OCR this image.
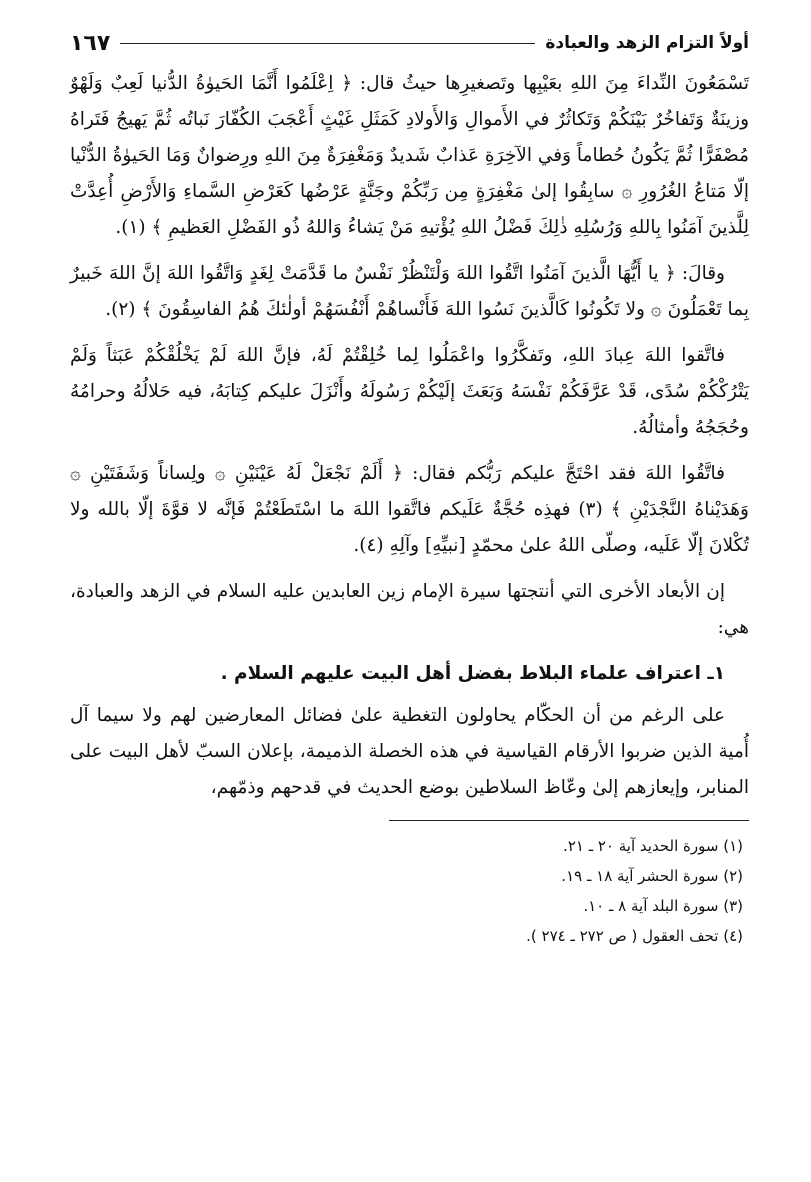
أولاً التزام الزهد والعبادة
١٦٧

تَسْمَعُونَ النِّداءَ مِنَ اللهِ بعَيْبِها وتَصغيرِها حيثُ قال: ﴿ اِعْلَمُوا أَنَّمَا الحَيوٰةُ الدُّنيا لَعِبٌ وَلَهْوٌ وزينَةٌ وَتَفاخُرٌ بَيْنَكُمْ وَتَكاثُرٌ في الأَموالِ وَالأَولادِ كَمَثَلِ غَيْثٍ أَعْجَبَ الكُفّارَ نَباتُه ثُمَّ يَهيجُ فَتَراهُ مُصْفَرًّا ثُمَّ يَكُونُ حُطاماً وَفي الآخِرَةِ عَذابٌ شَديدٌ وَمَغْفِرَةٌ مِنَ اللهِ ورِضوانٌ وَمَا الحَيوٰةُ الدُّنْيا إلّا مَتاعُ الغُرُورِ ۞ سابِقُوا إلىٰ مَغْفِرَةٍ مِن رَبِّكُمْ وجَنَّةٍ عَرْضُها كَعَرْضِ السَّماءِ وَالأَرْضِ أُعِدَّتْ لِلَّذينَ آمَنُوا بِاللهِ وَرُسُلِهِ ذٰلِكَ فَضْلُ اللهِ يُؤْتيهِ مَنْ يَشاءُ وَاللهُ ذُو الفَضْلِ العَظيمِ ﴾ (١).

وقالَ: ﴿ يا أَيُّهَا الَّذينَ آمَنُوا اتَّقُوا اللهَ وَلْتَنْظُرْ نَفْسٌ ما قَدَّمَتْ لِغَدٍ وَاتَّقُوا اللهَ إنَّ اللهَ خَبيرٌ بِما تَعْمَلُونَ ۞ ولا تَكُونُوا كَالَّذينَ نَسُوا اللهَ فَأَنْساهُمْ أَنْفُسَهُمْ أولٰئكَ هُمُ الفاسِقُونَ ﴾ (٢).

فاتَّقوا اللهَ عِبادَ اللهِ، وتَفكَّرُوا واعْمَلُوا لِما خُلِقْتُمْ لَهُ، فإنَّ اللهَ لَمْ يَخْلُقْكُمْ عَبَثاً وَلَمْ يَتْرُكْكُمْ سُدًى، قَدْ عَرَّفَكُمْ نَفْسَهُ وَبَعَثَ إلَيْكُمْ رَسُولَهُ وأَنْزَلَ عليكم كِتابَهُ، فيه حَلالُهُ وحرامُهُ وحُجَجُهُ وأمثالُهُ.

فاتَّقُوا اللهَ فقد احْتَجَّ عليكم رَبُّكم فقال: ﴿ أَلَمْ نَجْعَلْ لَهُ عَيْنَيْنِ ۞ ولِساناً وَشَفَتَيْنِ ۞ وَهَدَيْناهُ النَّجْدَيْنِ ﴾ (٣) فهذِه حُجَّةٌ عَلَيكم فاتَّقوا اللهَ ما اسْتَطَعْتُمْ فَإنَّه لا قوَّةَ إلّا بالله ولا تُكْلانَ إلّا عَلَيه، وصلّى اللهُ علىٰ محمّدٍ [نبيِّهِ] وآلِهِ (٤).

إن الأبعاد الأخرى التي أنتجتها سيرة الإمام زين العابدين عليه السلام في الزهد والعبادة، هي:

١ـ اعتراف علماء البلاط بفضل أهل البيت عليهم السلام .

على الرغم من أن الحكّام يحاولون التغطية علىٰ فضائل المعارضين لهم ولا سيما آل أُمية الذين ضربوا الأرقام القياسية في هذه الخصلة الذميمة، بإعلان السبّ لأهل البيت على المنابر، وإيعازهم إلىٰ وعّاظ السلاطين بوضع الحديث في قدحهم وذمّهم،

(١) سورة الحديد آية ٢٠ ـ ٢١.
(٢) سورة الحشر آية ١٨ ـ ١٩.
(٣) سورة البلد آية ٨ ـ ١٠.
(٤) تحف العقول ( ص ٢٧٢ ـ ٢٧٤ ).
